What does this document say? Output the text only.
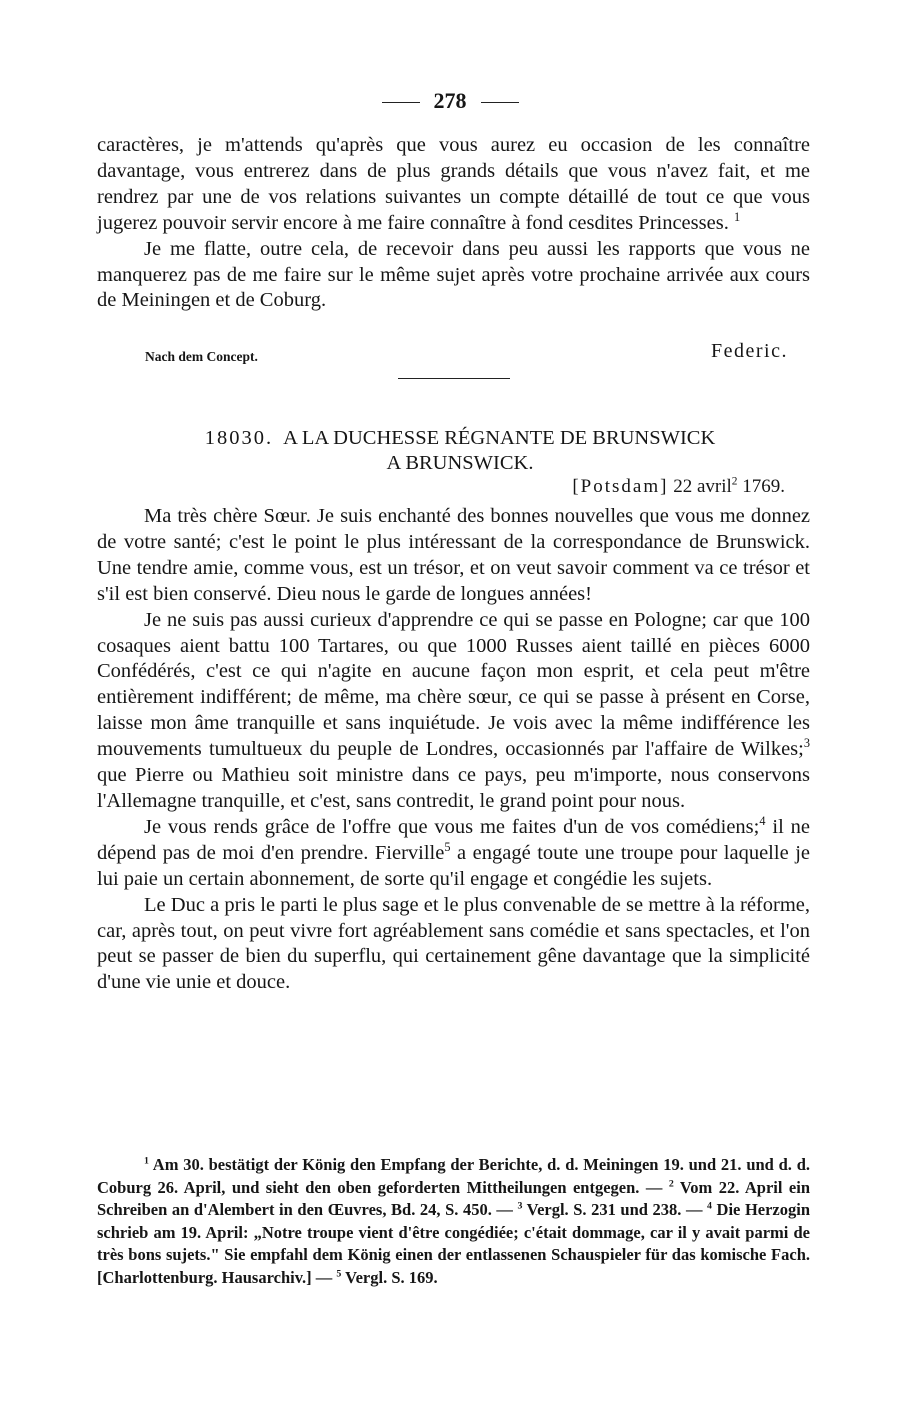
278

caractères, je m'attends qu'après que vous aurez eu occasion de les connaître davantage, vous entrerez dans de plus grands détails que vous n'avez fait, et me rendrez par une de vos relations suivantes un compte détaillé de tout ce que vous jugerez pouvoir servir encore à me faire connaître à fond cesdites Princesses. $^1$

Je me flatte, outre cela, de recevoir dans peu aussi les rapports que vous ne manquerez pas de me faire sur le même sujet après votre prochaine arrivée aux cours de Meiningen et de Coburg.

Nach dem Concept.	Federic.
18030. A LA DUCHESSE RÉGNANTE DE BRUNSWICK
A BRUNSWICK.
[Potsdam] 22 avril$^2$ 1769.

Ma très chère Sœur. Je suis enchanté des bonnes nouvelles que vous me donnez de votre santé; c'est le point le plus intéressant de la correspondance de Brunswick. Une tendre amie, comme vous, est un trésor, et on veut savoir comment va ce trésor et s'il est bien conservé. Dieu nous le garde de longues années!

Je ne suis pas aussi curieux d'apprendre ce qui se passe en Pologne; car que 100 cosaques aient battu 100 Tartares, ou que 1000 Russes aient taillé en pièces 6000 Confédérés, c'est ce qui n'agite en aucune façon mon esprit, et cela peut m'être entièrement indifférent; de même, ma chère sœur, ce qui se passe à présent en Corse, laisse mon âme tranquille et sans inquiétude. Je vois avec la même indifférence les mouvements tumultueux du peuple de Londres, occasionnés par l'affaire de Wilkes;$^3$ que Pierre ou Mathieu soit ministre dans ce pays, peu m'importe, nous conservons l'Allemagne tranquille, et c'est, sans contredit, le grand point pour nous.

Je vous rends grâce de l'offre que vous me faites d'un de vos comédiens;$^4$ il ne dépend pas de moi d'en prendre. Fierville$^5$ a engagé toute une troupe pour laquelle je lui paie un certain abonnement, de sorte qu'il engage et congédie les sujets.

Le Duc a pris le parti le plus sage et le plus convenable de se mettre à la réforme, car, après tout, on peut vivre fort agréablement sans comédie et sans spectacles, et l'on peut se passer de bien du superflu, qui certainement gêne davantage que la simplicité d'une vie unie et douce.

$^1$ Am 30. bestätigt der König den Empfang der Berichte, d. d. Meiningen 19. und 21. und d. d. Coburg 26. April, und sieht den oben geforderten Mittheilungen entgegen. — $^2$ Vom 22. April ein Schreiben an d'Alembert in den Œuvres, Bd. 24, S. 450. — $^3$ Vergl. S. 231 und 238. — $^4$ Die Herzogin schrieb am 19. April: „Notre troupe vient d'être congédiée; c'était dommage, car il y avait parmi de très bons sujets." Sie empfahl dem König einen der entlassenen Schauspieler für das komische Fach. [Charlottenburg. Hausarchiv.] — $^5$ Vergl. S. 169.
